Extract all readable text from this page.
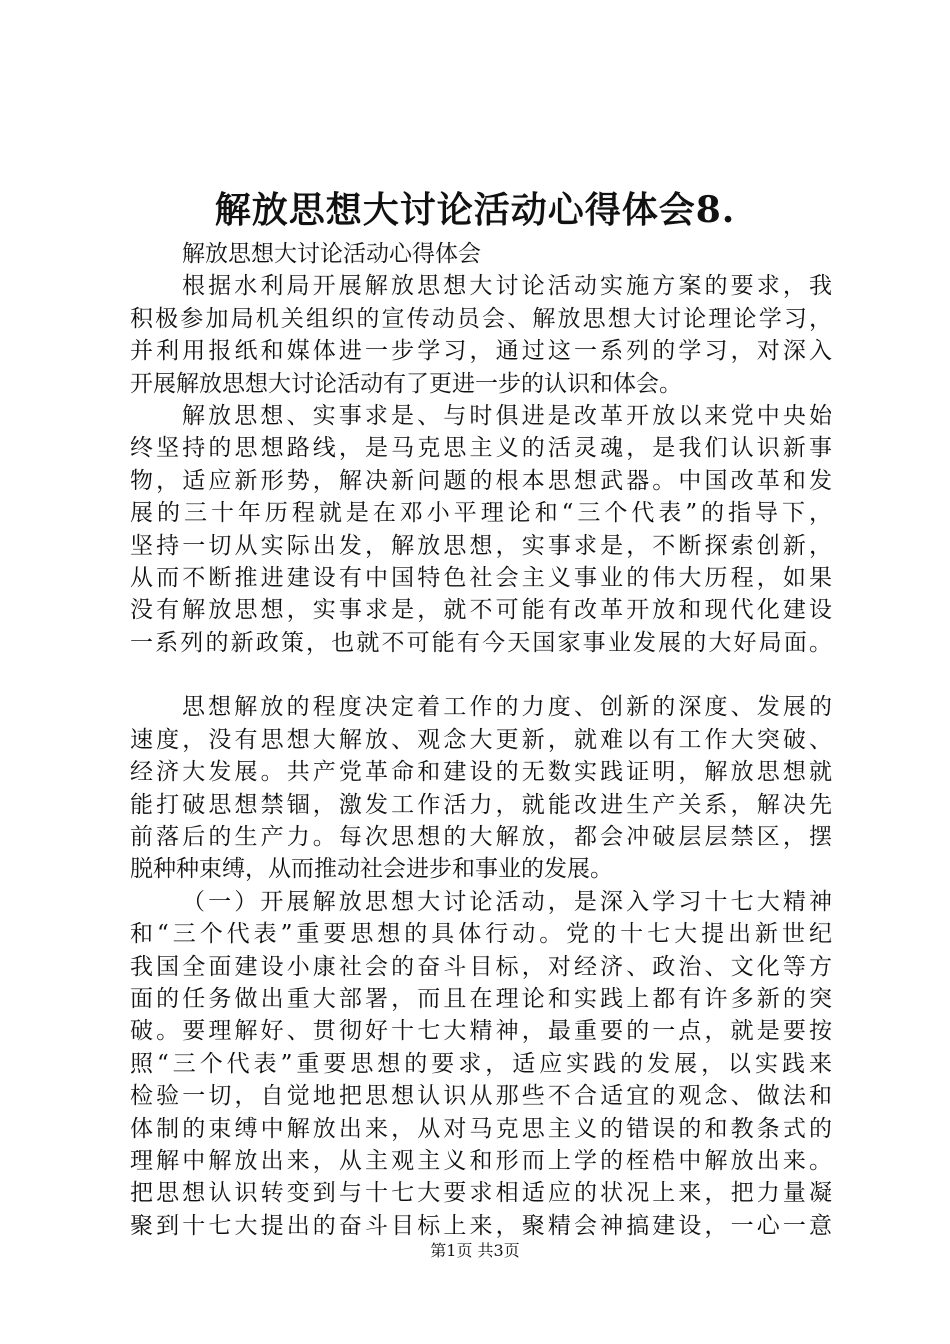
解放思想大讨论活动心得体会8.
解放思想大讨论活动心得体会
根据水利局开展解放思想大讨论活动实施方案的要求，我
积极参加局机关组织的宣传动员会、解放思想大讨论理论学习，
并利用报纸和媒体进一步学习，通过这一系列的学习，对深入
开展解放思想大讨论活动有了更进一步的认识和体会。
解放思想、实事求是、与时俱进是改革开放以来党中央始
终坚持的思想路线，是马克思主义的活灵魂，是我们认识新事
物，适应新形势，解决新问题的根本思想武器。中国改革和发
展的三十年历程就是在邓小平理论和“三个代表”的指导下，
坚持一切从实际出发，解放思想，实事求是，不断探索创新，
从而不断推进建设有中国特色社会主义事业的伟大历程，如果
没有解放思想，实事求是，就不可能有改革开放和现代化建设
一系列的新政策，也就不可能有今天国家事业发展的大好局面。
思想解放的程度决定着工作的力度、创新的深度、发展的
速度，没有思想大解放、观念大更新，就难以有工作大突破、
经济大发展。共产党革命和建设的无数实践证明，解放思想就
能打破思想禁锢，激发工作活力，就能改进生产关系，解决先
前落后的生产力。每次思想的大解放，都会冲破层层禁区，摆
脱种种束缚，从而推动社会进步和事业的发展。
（一）开展解放思想大讨论活动，是深入学习十七大精神
和“三个代表”重要思想的具体行动。党的十七大提出新世纪
我国全面建设小康社会的奋斗目标，对经济、政治、文化等方
面的任务做出重大部署，而且在理论和实践上都有许多新的突
破。要理解好、贯彻好十七大精神，最重要的一点，就是要按
照“三个代表”重要思想的要求，适应实践的发展，以实践来
检验一切，自觉地把思想认识从那些不合适宜的观念、做法和
体制的束缚中解放出来，从对马克思主义的错误的和教条式的
理解中解放出来，从主观主义和形而上学的桎梏中解放出来。
把思想认识转变到与十七大要求相适应的状况上来，把力量凝
聚到十七大提出的奋斗目标上来，聚精会神搞建设，一心一意
第1页 共3页
